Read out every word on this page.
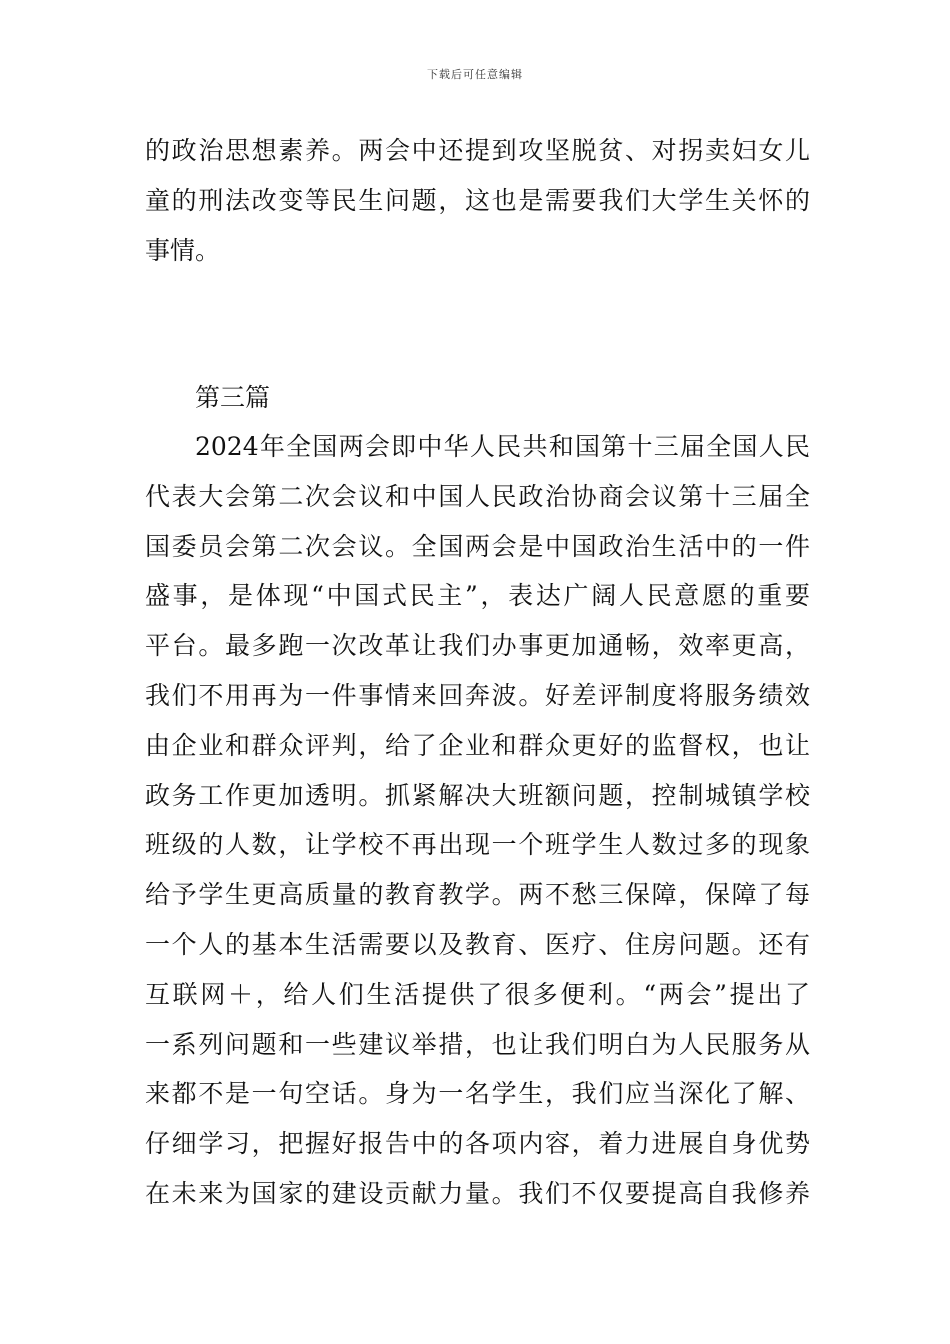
下载后可任意编辑
的政治思想素养。两会中还提到攻坚脱贫、对拐卖妇女儿
童的刑法改变等民生问题，这也是需要我们大学生关怀的
事情。
第三篇
2024年全国两会即中华人民共和国第十三届全国人民
代表大会第二次会议和中国人民政治协商会议第十三届全
国委员会第二次会议。全国两会是中国政治生活中的一件
盛事，是体现“中国式民主”，表达广阔人民意愿的重要
平台。最多跑一次改革让我们办事更加通畅，效率更高，
我们不用再为一件事情来回奔波。好差评制度将服务绩效
由企业和群众评判，给了企业和群众更好的监督权，也让
政务工作更加透明。抓紧解决大班额问题，控制城镇学校
班级的人数，让学校不再出现一个班学生人数过多的现象
给予学生更高质量的教育教学。两不愁三保障，保障了每
一个人的基本生活需要以及教育、医疗、住房问题。还有
互联网＋，给人们生活提供了很多便利。“两会”提出了
一系列问题和一些建议举措，也让我们明白为人民服务从
来都不是一句空话。身为一名学生，我们应当深化了解、
仔细学习，把握好报告中的各项内容，着力进展自身优势
在未来为国家的建设贡献力量。我们不仅要提高自我修养
